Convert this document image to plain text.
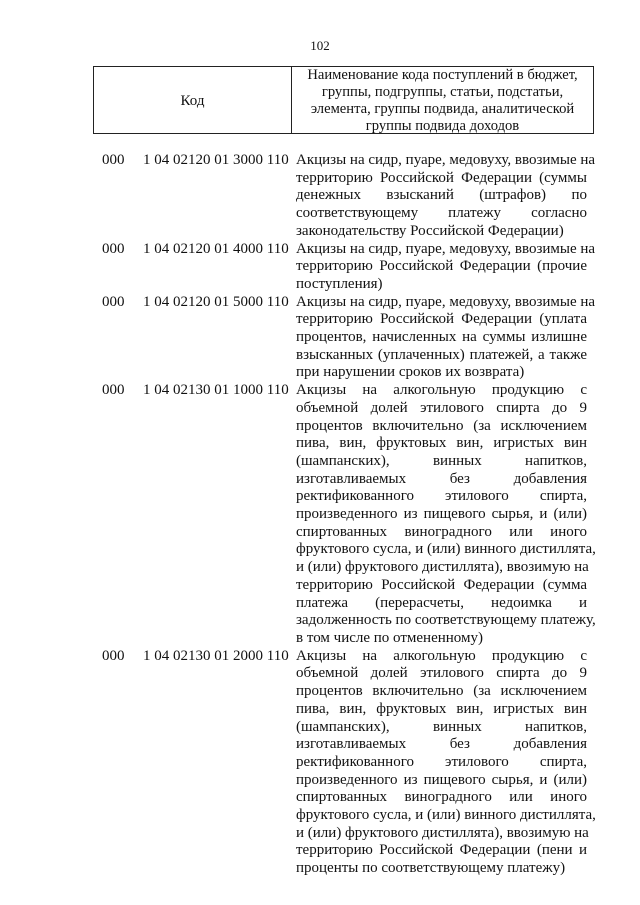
102
Код
Наименование кода поступлений в бюджет,
группы, подгруппы, статьи, подстатьи,
элемента, группы подвида, аналитической
группы подвида доходов
000 1 04 02120 01 3000 110 Акцизы на сидр, пуаре, медовуху, ввозимые на
территорию Российской Федерации (суммы
денежных взысканий (штрафов) по
соответствующему платежу согласно
законодательству Российской Федерации)
000 1 04 02120 01 4000 110 Акцизы на сидр, пуаре, медовуху, ввозимые на
территорию Российской Федерации (прочие
поступления)
000 1 04 02120 01 5000 110 Акцизы на сидр, пуаре, медовуху, ввозимые на
территорию Российской Федерации (уплата
процентов, начисленных на суммы излишне
взысканных (уплаченных) платежей, а также
при нарушении сроков их возврата)
000 1 04 02130 01 1000 110 Акцизы на алкогольную продукцию с
объемной долей этилового спирта до 9
процентов включительно (за исключением
пива, вин, фруктовых вин, игристых вин
(шампанских), винных напитков,
изготавливаемых без добавления
ректификованного этилового спирта,
произведенного из пищевого сырья, и (или)
спиртованных виноградного или иного
фруктового сусла, и (или) винного дистиллята,
и (или) фруктового дистиллята), ввозимую на
территорию Российской Федерации (сумма
платежа (перерасчеты, недоимка и
задолженность по соответствующему платежу,
в том числе по отмененному)
000 1 04 02130 01 2000 110 Акцизы на алкогольную продукцию с
объемной долей этилового спирта до 9
процентов включительно (за исключением
пива, вин, фруктовых вин, игристых вин
(шампанских), винных напитков,
изготавливаемых без добавления
ректификованного этилового спирта,
произведенного из пищевого сырья, и (или)
спиртованных виноградного или иного
фруктового сусла, и (или) винного дистиллята,
и (или) фруктового дистиллята), ввозимую на
территорию Российской Федерации (пени и
проценты по соответствующему платежу)
